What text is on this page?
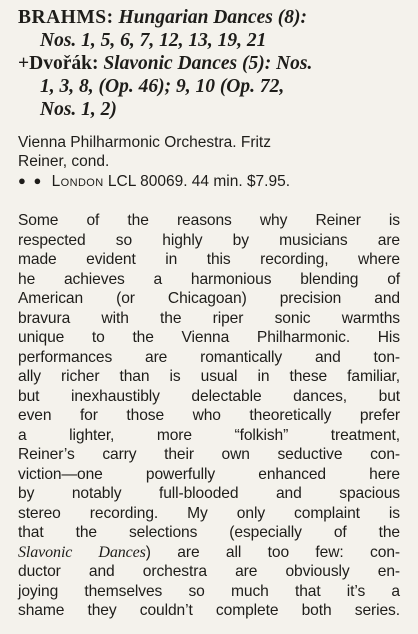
BRAHMS: Hungarian Dances (8):
Nos. 1, 5, 6, 7, 12, 13, 19, 21
+Dvořák: Slavonic Dances (5): Nos.
1, 3, 8, (Op. 46); 9, 10 (Op. 72,
Nos. 1, 2)
Vienna Philharmonic Orchestra. Fritz
Reiner, cond.
● ● London LCL 80069. 44 min. $7.95.
Some of the reasons why Reiner is
respected so highly by musicians are
made evident in this recording, where
he achieves a harmonious blending of
American (or Chicagoan) precision and
bravura with the riper sonic warmths
unique to the Vienna Philharmonic. His
performances are romantically and ton-
ally richer than is usual in these familiar,
but inexhaustibly delectable dances, but
even for those who theoretically prefer
a lighter, more “folkish” treatment,
Reiner’s carry their own seductive con-
viction—one powerfully enhanced here
by notably full-blooded and spacious
stereo recording. My only complaint is
that the selections (especially of the
Slavonic Dances) are all too few: con-
ductor and orchestra are obviously en-
joying themselves so much that it’s a
shame they couldn’t complete both series.
